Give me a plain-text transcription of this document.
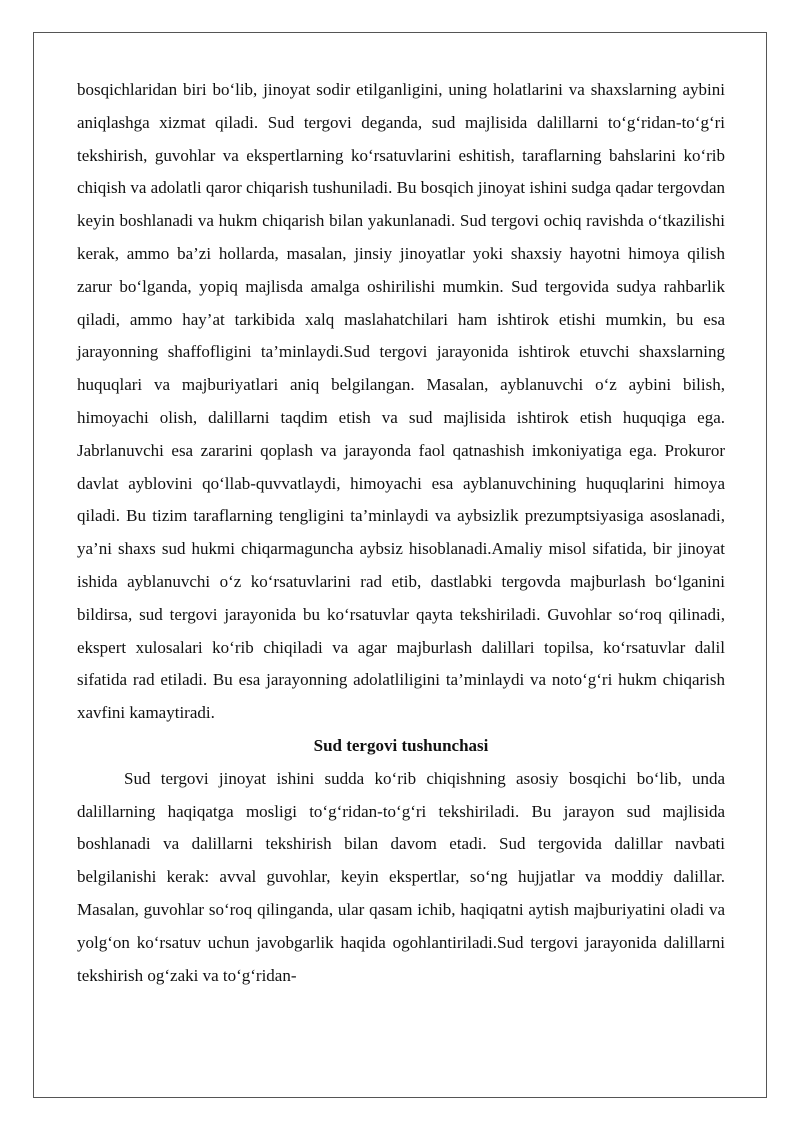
bosqichlaridan biri bo‘lib, jinoyat sodir etilganligini, uning holatlarini va shaxslarning aybini aniqlashga xizmat qiladi. Sud tergovi deganda, sud majlisida dalillarni to‘g‘ridan-to‘g‘ri tekshirish, guvohlar va ekspertlarning ko‘rsatuvlarini eshitish, taraflarning bahslarini ko‘rib chiqish va adolatli qaror chiqarish tushuniladi. Bu bosqich jinoyat ishini sudga qadar tergovdan keyin boshlanadi va hukm chiqarish bilan yakunlanadi. Sud tergovi ochiq ravishda o‘tkazilishi kerak, ammo ba’zi hollarda, masalan, jinsiy jinoyatlar yoki shaxsiy hayotni himoya qilish zarur bo‘lganda, yopiq majlisda amalga oshirilishi mumkin. Sud tergovida sudya rahbarlik qiladi, ammo hay’at tarkibida xalq maslahatchilari ham ishtirok etishi mumkin, bu esa jarayonning shaffofligini ta’minlaydi.Sud tergovi jarayonida ishtirok etuvchi shaxslarning huquqlari va majburiyatlari aniq belgilangan. Masalan, ayblanuvchi o‘z aybini bilish, himoyachi olish, dalillarni taqdim etish va sud majlisida ishtirok etish huquqiga ega. Jabrlanuvchi esa zararini qoplash va jarayonda faol qatnashish imkoniyatiga ega. Prokuror davlat ayblovini qo‘llab-quvvatlaydi, himoyachi esa ayblanuvchining huquqlarini himoya qiladi. Bu tizim taraflarning tengligini ta’minlaydi va aybsizlik prezumptsiyasiga asoslanadi, ya’ni shaxs sud hukmi chiqarmaguncha aybsiz hisoblanadi.Amaliy misol sifatida, bir jinoyat ishida ayblanuvchi o‘z ko‘rsatuvlarini rad etib, dastlabki tergovda majburlash bo‘lganini bildirsa, sud tergovi jarayonida bu ko‘rsatuvlar qayta tekshiriladi. Guvohlar so‘roq qilinadi, ekspert xulosalari ko‘rib chiqiladi va agar majburlash dalillari topilsa, ko‘rsatuvlar dalil sifatida rad etiladi. Bu esa jarayonning adolatliligini ta’minlaydi va noto‘g‘ri hukm chiqarish xavfini kamaytiradi.

Sud tergovi tushunchasi

Sud tergovi jinoyat ishini sudda ko‘rib chiqishning asosiy bosqichi bo‘lib, unda dalillarning haqiqatga mosligi to‘g‘ridan-to‘g‘ri tekshiriladi. Bu jarayon sud majlisida boshlanadi va dalillarni tekshirish bilan davom etadi. Sud tergovida dalillar navbati belgilanishi kerak: avval guvohlar, keyin ekspertlar, so‘ng hujjatlar va moddiy dalillar. Masalan, guvohlar so‘roq qilinganda, ular qasam ichib, haqiqatni aytish majburiyatini oladi va yolg‘on ko‘rsatuv uchun javobgarlik haqida ogohlantiriladi.Sud tergovi jarayonida dalillarni tekshirish og‘zaki va to‘g‘ridan-
